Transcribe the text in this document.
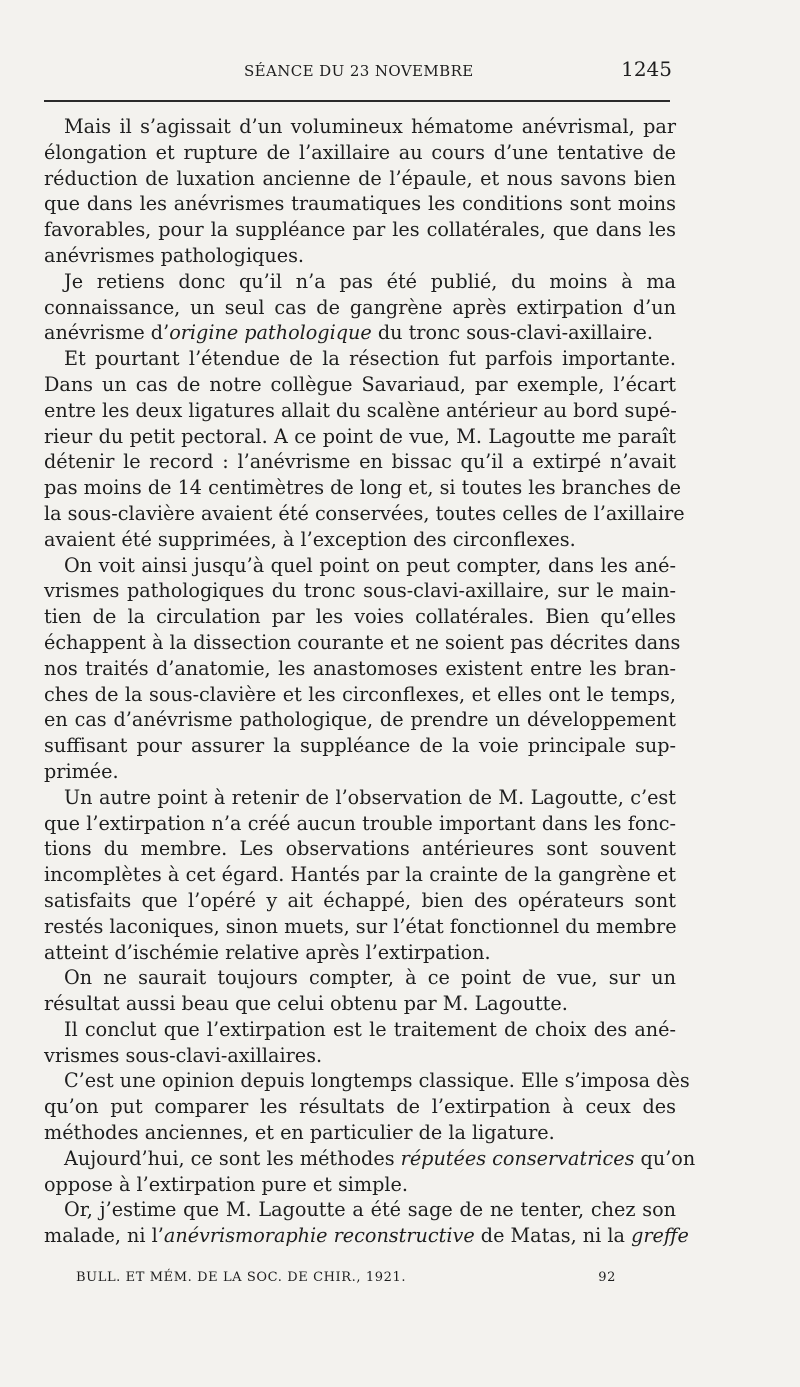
SÉANCE DU 23 NOVEMBRE	1245
Mais il s’agissait d’un volumineux hématome anévrismal, par
élongation et rupture de l’axillaire au cours d’une tentative de
réduction de luxation ancienne de l’épaule, et nous savons bien
que dans les anévrismes traumatiques les conditions sont moins
favorables, pour la suppléance par les collatérales, que dans les
anévrismes pathologiques.
Je retiens donc qu’il n’a pas été publié, du moins à ma
connaissance, un seul cas de gangrène après extirpation d’un
anévrisme d’origine pathologique du tronc sous-clavi-axillaire.
Et pourtant l’étendue de la résection fut parfois importante.
Dans un cas de notre collègue Savariaud, par exemple, l’écart
entre les deux ligatures allait du scalène antérieur au bord supé-
rieur du petit pectoral. A ce point de vue, M. Lagoutte me paraît
détenir le record : l’anévrisme en bissac qu’il a extirpé n’avait
pas moins de 14 centimètres de long et, si toutes les branches de
la sous-clavière avaient été conservées, toutes celles de l’axillaire
avaient été supprimées, à l’exception des circonflexes.
On voit ainsi jusqu’à quel point on peut compter, dans les ané-
vrismes pathologiques du tronc sous-clavi-axillaire, sur le main-
tien de la circulation par les voies collatérales. Bien qu’elles
échappent à la dissection courante et ne soient pas décrites dans
nos traités d’anatomie, les anastomoses existent entre les bran-
ches de la sous-clavière et les circonflexes, et elles ont le temps,
en cas d’anévrisme pathologique, de prendre un développement
suffisant pour assurer la suppléance de la voie principale sup-
primée.
Un autre point à retenir de l’observation de M. Lagoutte, c’est
que l’extirpation n’a créé aucun trouble important dans les fonc-
tions du membre. Les observations antérieures sont souvent
incomplètes à cet égard. Hantés par la crainte de la gangrène et
satisfaits que l’opéré y ait échappé, bien des opérateurs sont
restés laconiques, sinon muets, sur l’état fonctionnel du membre
atteint d’ischémie relative après l’extirpation.
On ne saurait toujours compter, à ce point de vue, sur un
résultat aussi beau que celui obtenu par M. Lagoutte.
Il conclut que l’extirpation est le traitement de choix des ané-
vrismes sous-clavi-axillaires.
C’est une opinion depuis longtemps classique. Elle s’imposa dès
qu’on put comparer les résultats de l’extirpation à ceux des
méthodes anciennes, et en particulier de la ligature.
Aujourd’hui, ce sont les méthodes réputées conservatrices qu’on
oppose à l’extirpation pure et simple.
Or, j’estime que M. Lagoutte a été sage de ne tenter, chez son
malade, ni l’anévrismoraphie reconstructive de Matas, ni la greffe
BULL. ET MÉM. DE LA SOC. DE CHIR., 1921.	92
